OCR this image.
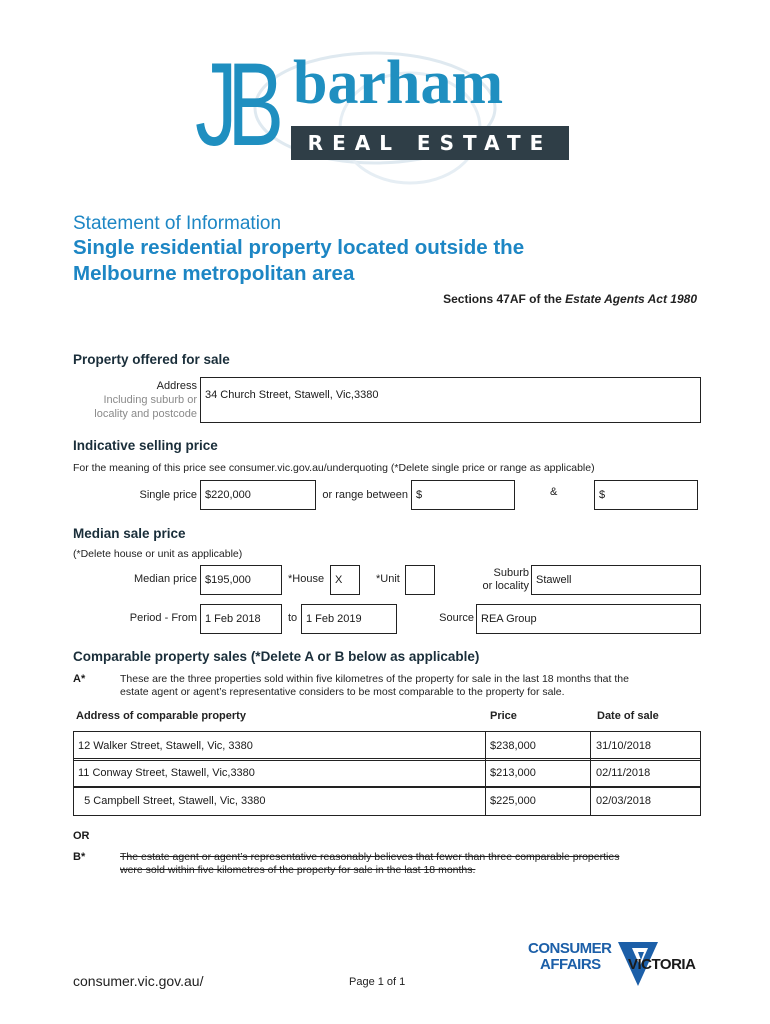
JB barham
REAL ESTATE
Statement of Information
Single residential property located outside the
Melbourne metropolitan area
Sections 47AF of the Estate Agents Act 1980
Property offered for sale
Address
Including suburb or
locality and postcode
34 Church Street, Stawell, Vic,3380
Indicative selling price
For the meaning of this price see consumer.vic.gov.au/underquoting (*Delete single price or range as applicable)
Single price $220,000	or range between $	&	$
Median sale price
(*Delete house or unit as applicable)
Median price $195,000	*House X	*Unit	Suburb
or locality Stawell
Period - From 1 Feb 2018 to 1 Feb 2019	Source REA Group
Comparable property sales (*Delete A or B below as applicable)
A*	These are the three properties sold within five kilometres of the property for sale in the last 18 months that the
estate agent or agent’s representative considers to be most comparable to the property for sale.
Address of comparable property	Price	Date of sale
12 Walker Street, Stawell, Vic, 3380	$238,000	31/10/2018
11 Conway Street, Stawell, Vic,3380	$213,000	02/11/2018
5 Campbell Street, Stawell, Vic, 3380	$225,000	02/03/2018
OR
B*	The estate agent or agent’s representative reasonably believes that fewer than three comparable properties
were sold within five kilometres of the property for sale in the last 18 months.
consumer.vic.gov.au/	Page 1 of 1
CONSUMER
AFFAIRS VICTORIA
